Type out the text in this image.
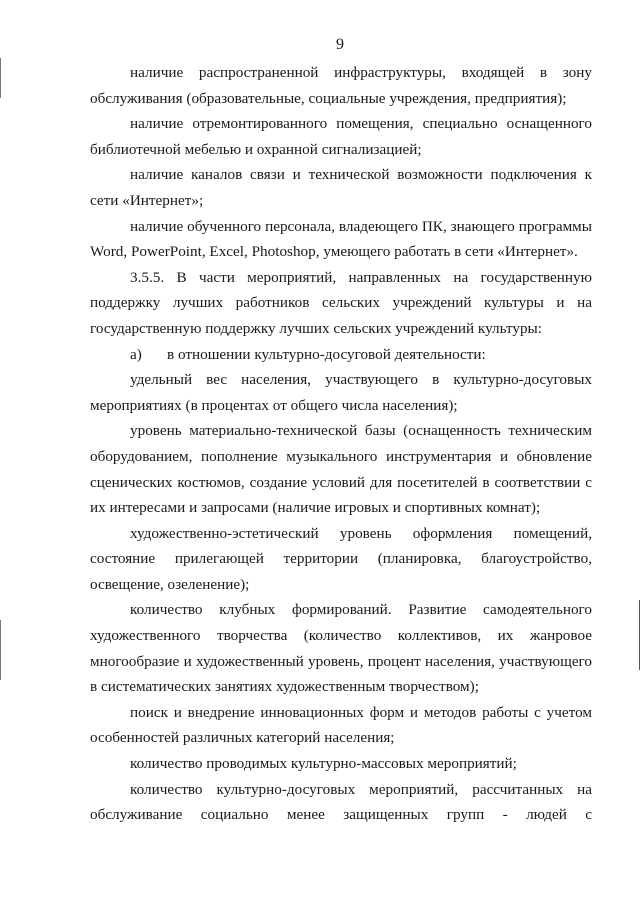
9

наличие распространенной инфраструктуры, входящей в зону обслуживания (образовательные, социальные учреждения, предприятия);

наличие отремонтированного помещения, специально оснащенного библиотечной мебелью и охранной сигнализацией;

наличие каналов связи и технической возможности подключения к сети «Интернет»;

наличие обученного персонала, владеющего ПК, знающего программы Word, PowerPoint, Excel, Photoshop, умеющего работать в сети «Интернет».

3.5.5. В части мероприятий, направленных на государственную поддержку лучших работников сельских учреждений культуры и на государственную поддержку лучших сельских учреждений культуры:

а)	в отношении культурно-досуговой деятельности:

удельный вес населения, участвующего в культурно-досуговых мероприятиях (в процентах от общего числа населения);

уровень материально-технической базы (оснащенность техническим оборудованием, пополнение музыкального инструментария и обновление сценических костюмов, создание условий для посетителей в соответствии с их интересами и запросами (наличие игровых и спортивных комнат);

художественно-эстетический уровень оформления помещений, состояние прилегающей территории (планировка, благоустройство, освещение, озеленение);

количество клубных формирований. Развитие самодеятельного художественного творчества (количество коллективов, их жанровое многообразие и художественный уровень, процент населения, участвующего в систематических занятиях художественным творчеством);

поиск и внедрение инновационных форм и методов работы с учетом особенностей различных категорий населения;

количество проводимых культурно-массовых мероприятий;

количество культурно-досуговых мероприятий, рассчитанных на обслуживание социально менее защищенных групп - людей с
